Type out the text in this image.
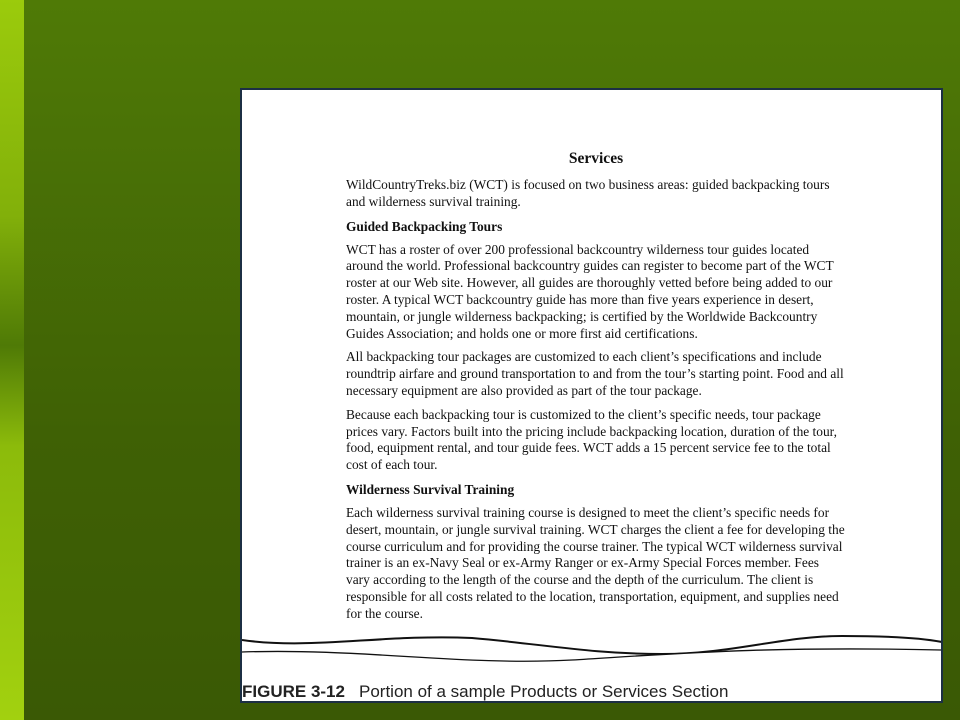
Services

WildCountryTreks.biz (WCT) is focused on two business areas: guided backpacking tours and wilderness survival training.

Guided Backpacking Tours

WCT has a roster of over 200 professional backcountry wilderness tour guides located around the world. Professional backcountry guides can register to become part of the WCT roster at our Web site. However, all guides are thoroughly vetted before being added to our roster. A typical WCT backcountry guide has more than five years experience in desert, mountain, or jungle wilderness backpacking; is certified by the Worldwide Backcountry Guides Association; and holds one or more first aid certifications.

All backpacking tour packages are customized to each client’s specifications and include roundtrip airfare and ground transportation to and from the tour’s starting point. Food and all necessary equipment are also provided as part of the tour package.

Because each backpacking tour is customized to the client’s specific needs, tour package prices vary. Factors built into the pricing include backpacking location, duration of the tour, food, equipment rental, and tour guide fees. WCT adds a 15 percent service fee to the total cost of each tour.

Wilderness Survival Training

Each wilderness survival training course is designed to meet the client’s specific needs for desert, mountain, or jungle survival training. WCT charges the client a fee for developing the course curriculum and for providing the course trainer. The typical WCT wilderness survival trainer is an ex-Navy Seal or ex-Army Ranger or ex-Army Special Forces member. Fees vary according to the length of the course and the depth of the curriculum. The client is responsible for all costs related to the location, transportation, equipment, and supplies need for the course.

FIGURE 3-12 Portion of a sample Products or Services Section
